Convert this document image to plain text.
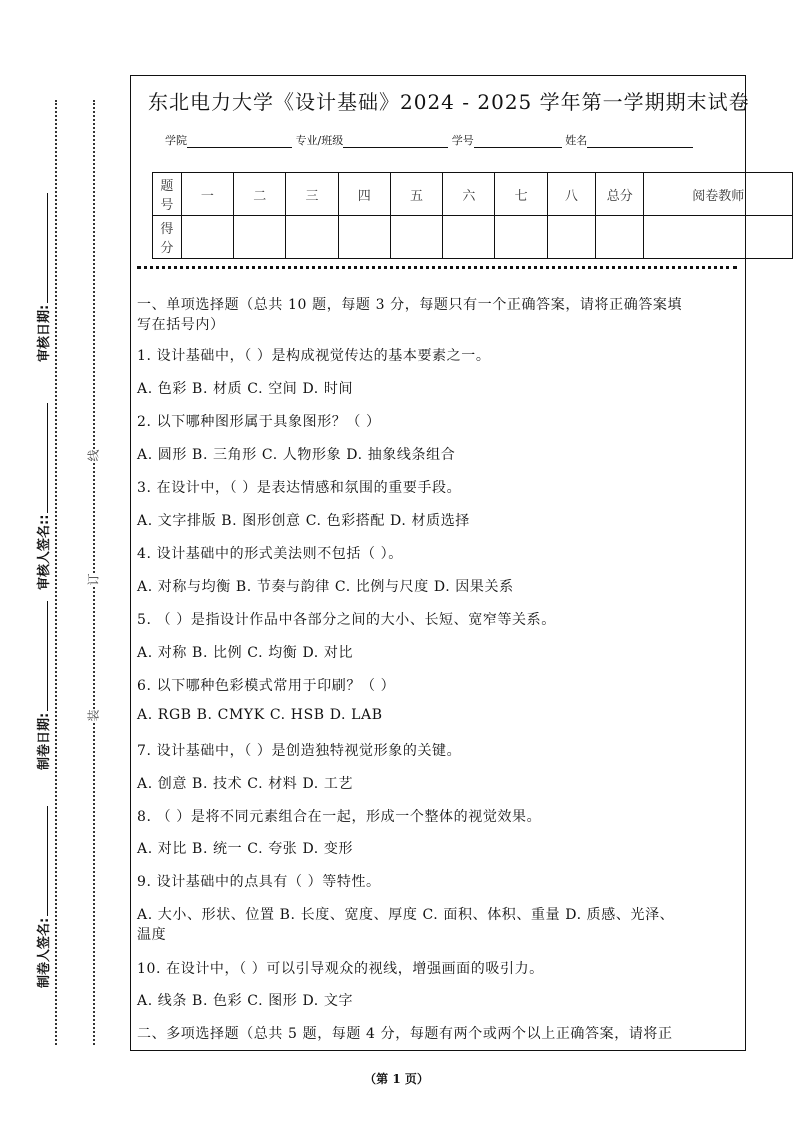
审核日期:
审核人签名::
制卷日期:
制卷人签名:
线
订
装
东北电力大学《设计基础》2024 - 2025 学年第一学期期末试卷
学院	专业/班级	学号	姓名
题号	一	二	三	四	五	六	七	八	总分	阅卷教师
得分										
一、单项选择题（总共 10 题，每题 3 分，每题只有一个正确答案，请将正确答案填
写在括号内）
1. 设计基础中，（ ）是构成视觉传达的基本要素之一。
A. 色彩 B. 材质 C. 空间 D. 时间
2. 以下哪种图形属于具象图形？（ ）
A. 圆形 B. 三角形 C. 人物形象 D. 抽象线条组合
3. 在设计中，（ ）是表达情感和氛围的重要手段。
A. 文字排版 B. 图形创意 C. 色彩搭配 D. 材质选择
4. 设计基础中的形式美法则不包括（ ）。
A. 对称与均衡 B. 节奏与韵律 C. 比例与尺度 D. 因果关系
5. （ ）是指设计作品中各部分之间的大小、长短、宽窄等关系。
A. 对称 B. 比例 C. 均衡 D. 对比
6. 以下哪种色彩模式常用于印刷？（ ）
A. RGB B. CMYK C. HSB D. LAB
7. 设计基础中，（ ）是创造独特视觉形象的关键。
A. 创意 B. 技术 C. 材料 D. 工艺
8. （ ）是将不同元素组合在一起，形成一个整体的视觉效果。
A. 对比 B. 统一 C. 夸张 D. 变形
9. 设计基础中的点具有（ ）等特性。
A. 大小、形状、位置 B. 长度、宽度、厚度 C. 面积、体积、重量 D. 质感、光泽、
温度
10. 在设计中，（ ）可以引导观众的视线，增强画面的吸引力。
A. 线条 B. 色彩 C. 图形 D. 文字
二、多项选择题（总共 5 题，每题 4 分，每题有两个或两个以上正确答案，请将正
（第 1 页）
